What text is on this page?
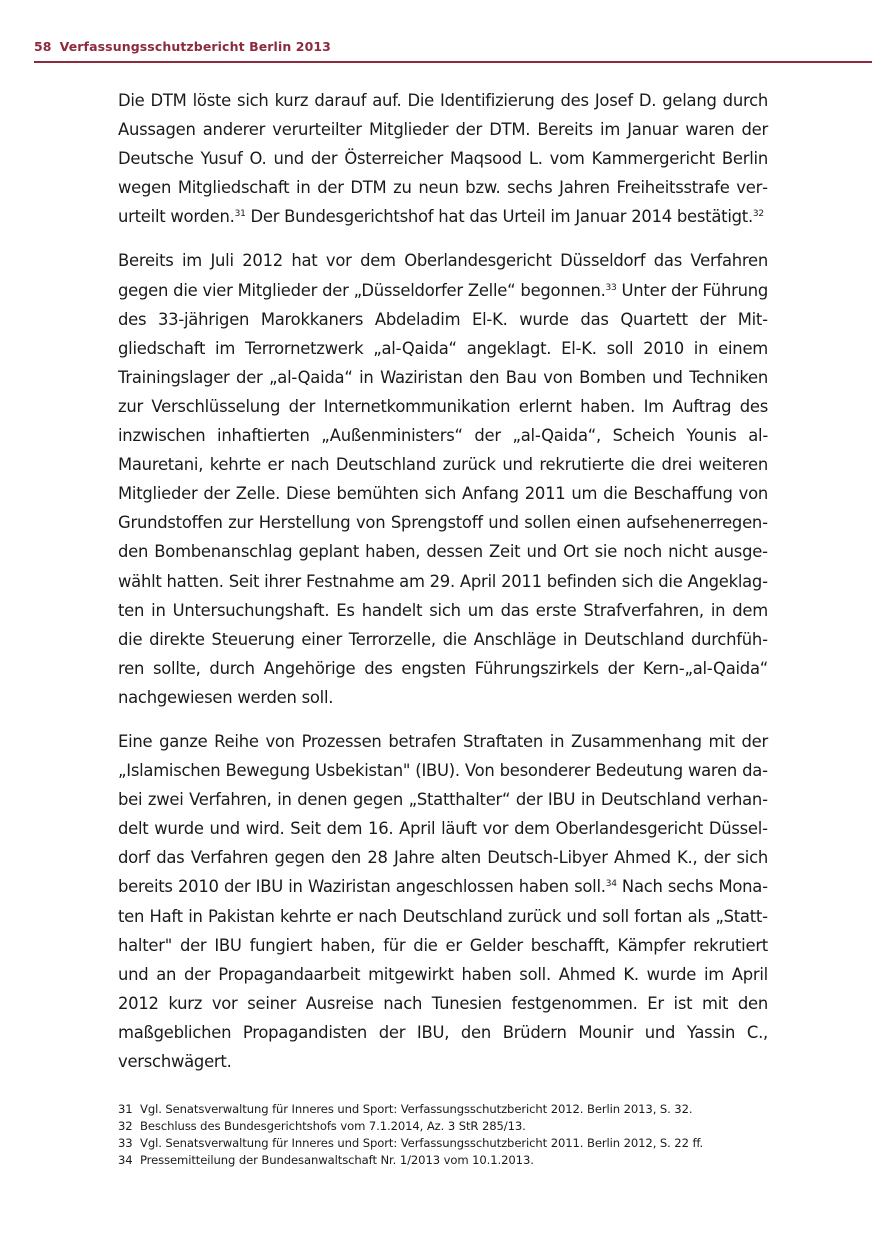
58 Verfassungsschutzbericht Berlin 2013

Die DTM löste sich kurz darauf auf. Die Identifizierung des Josef D. gelang durch Aussagen anderer verurteilter Mitglieder der DTM. Bereits im Januar waren der Deutsche Yusuf O. und der Österreicher Maqsood L. vom Kammergericht Berlin wegen Mitgliedschaft in der DTM zu neun bzw. sechs Jahren Freiheitsstrafe verurteilt worden.$^{31}$ Der Bundesgerichtshof hat das Urteil im Januar 2014 bestätigt.$^{32}$

Bereits im Juli 2012 hat vor dem Oberlandesgericht Düsseldorf das Verfahren gegen die vier Mitglieder der „Düsseldorfer Zelle“ begonnen.$^{33}$ Unter der Führung des 33-jährigen Marokkaners Abdeladim El-K. wurde das Quartett der Mitgliedschaft im Terrornetzwerk „al-Qaida“ angeklagt. El-K. soll 2010 in einem Trainingslager der „al-Qaida“ in Waziristan den Bau von Bomben und Techniken zur Verschlüsselung der Internetkommunikation erlernt haben. Im Auftrag des inzwischen inhaftierten „Außenministers“ der „al-Qaida“, Scheich Younis al-Mauretani, kehrte er nach Deutschland zurück und rekrutierte die drei weiteren Mitglieder der Zelle. Diese bemühten sich Anfang 2011 um die Beschaffung von Grundstoffen zur Herstellung von Sprengstoff und sollen einen aufsehenerregenden Bombenanschlag geplant haben, dessen Zeit und Ort sie noch nicht ausgewählt hatten. Seit ihrer Festnahme am 29. April 2011 befinden sich die Angeklagten in Untersuchungshaft. Es handelt sich um das erste Strafverfahren, in dem die direkte Steuerung einer Terrorzelle, die Anschläge in Deutschland durchführen sollte, durch Angehörige des engsten Führungszirkels der Kern-„al-Qaida“ nachgewiesen werden soll.

Eine ganze Reihe von Prozessen betrafen Straftaten in Zusammenhang mit der „Islamischen Bewegung Usbekistan" (IBU). Von besonderer Bedeutung waren dabei zwei Verfahren, in denen gegen „Statthalter“ der IBU in Deutschland verhandelt wurde und wird. Seit dem 16. April läuft vor dem Oberlandesgericht Düsseldorf das Verfahren gegen den 28 Jahre alten Deutsch-Libyer Ahmed K., der sich bereits 2010 der IBU in Waziristan angeschlossen haben soll.$^{34}$ Nach sechs Monaten Haft in Pakistan kehrte er nach Deutschland zurück und soll fortan als „Statthalter" der IBU fungiert haben, für die er Gelder beschafft, Kämpfer rekrutiert und an der Propagandaarbeit mitgewirkt haben soll. Ahmed K. wurde im April 2012 kurz vor seiner Ausreise nach Tunesien festgenommen. Er ist mit den maßgeblichen Propagandisten der IBU, den Brüdern Mounir und Yassin C., verschwägert.

31 Vgl. Senatsverwaltung für Inneres und Sport: Verfassungsschutzbericht 2012. Berlin 2013, S. 32.
32 Beschluss des Bundesgerichtshofs vom 7.1.2014, Az. 3 StR 285/13.
33 Vgl. Senatsverwaltung für Inneres und Sport: Verfassungsschutzbericht 2011. Berlin 2012, S. 22 ff.
34 Pressemitteilung der Bundesanwaltschaft Nr. 1/2013 vom 10.1.2013.
